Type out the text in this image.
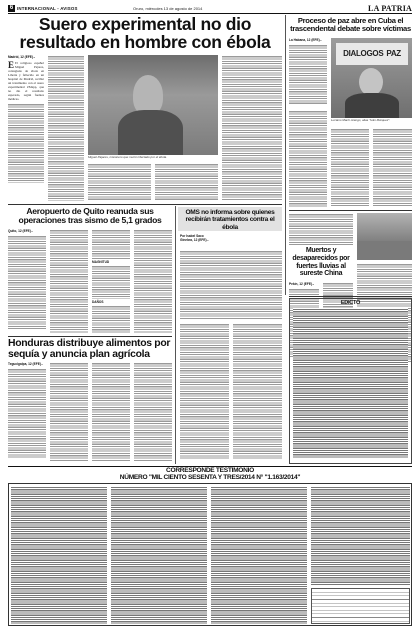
6 INTERNACIONAL - AVISOS	Oruro, miércoles 13 de agosto de 2014	LA PATRIA
Suero experimental no dio
resultado en hombre con ébola
Madrid, 12 (EFE).-
E El religioso español Miguel Pajares, contagiado de ébola en Liberia y fallecido en un hospital de Madrid, recibió un tratamiento con el suero experimental ZMapp, que no dio el resultado esperado, según fuentes médicas.
Miguel Pajares, misionero que murió infectado por el ébola.
Proceso de paz abre en Cuba el
trascendental debate sobre víctimas
La Habana, 12 (EFE).-
DIALOGOS PAZ
Luciano Marín Arango, alias "Iván Márquez".
Aeropuerto de Quito reanuda sus
operaciones tras sismo de 5,1 grados
Quito, 12 (EFE).-
MAGNITUD
DAÑOS
OMS no informa sobre quienes
recibirán tratamientos contra el ébola
Por Isabel Saco
Ginebra, 12 (EFE).-
Muertos y
desaparecidos por
fuertes lluvias al
sureste China
Pekín, 12 (EFE).-
EDICTO
Honduras distribuye alimentos por
sequía y anuncia plan agrícola
Tegucigalpa, 12 (EFE).-
CORRESPONDE TESTIMONIO
NÚMERO "MIL CIENTO SESENTA Y TRES/2014 N° "1.163/2014"
